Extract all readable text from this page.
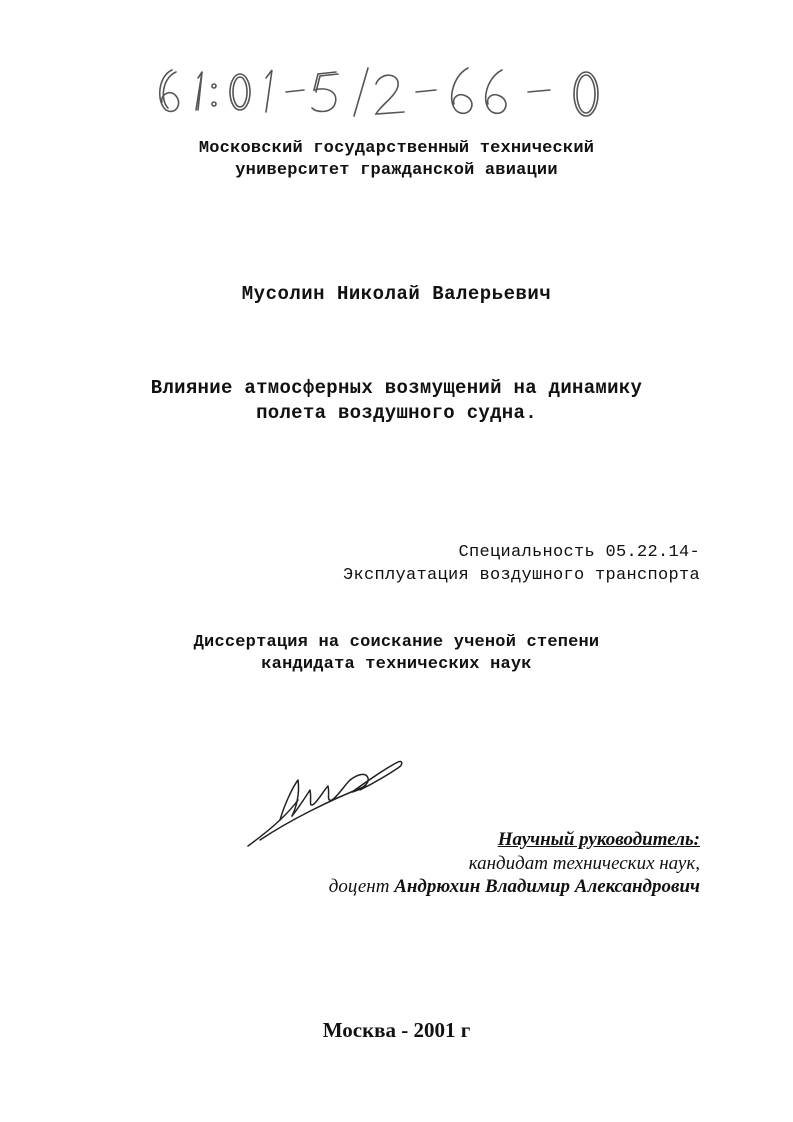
Московский государственный технический
университет гражданской авиации
Мусолин Николай Валерьевич
Влияние атмосферных возмущений на динамику
полета воздушного судна.
Специальность 05.22.14-
Эксплуатация воздушного транспорта
Диссертация на соискание ученой степени
кандидата технических наук
Научный руководитель:
кандидат технических наук,
доцент Андрюхин Владимир Александрович
Москва - 2001 г
